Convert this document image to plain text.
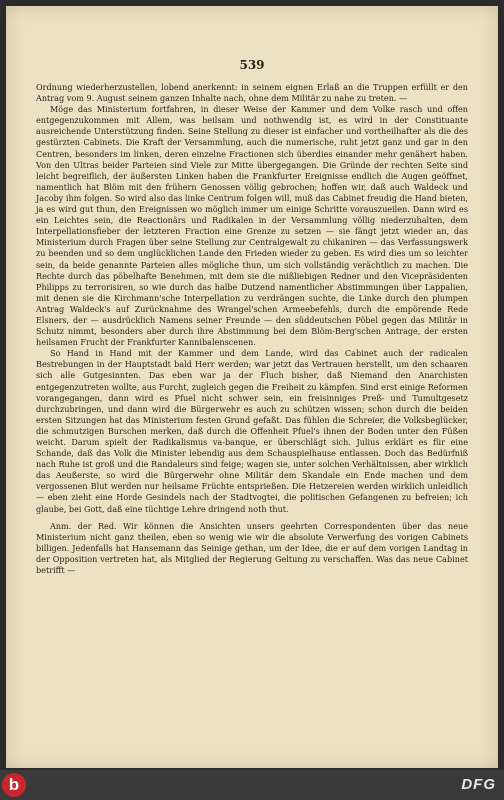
539

Ordnung wiederherzustellen, lobend anerkennt: in seinem eignen Erlaß an die Truppen erfüllt er den Antrag vom 9. August seinem ganzen Inhalte nach, ohne dem Militär zu nahe zu treten. —

Möge das Ministerium fortfahren, in dieser Weise der Kammer und dem Volke rasch und offen entgegenzukommen mit Allem, was heilsam und nothwendig ist, es wird in der Constituante ausreichende Unterstützung finden. Seine Stellung zu dieser ist einfacher und vortheilhafter als die des gestürzten Cabinets. Die Kraft der Versammlung, auch die numerische, ruht jetzt ganz und gar in den Centren, besonders im linken, deren einzelne Fractionen sich überdies einander mehr genähert haben. Von den Ultras beider Parteien sind Viele zur Mitte übergegangen. Die Gründe der rechten Seite sind leicht begreiflich, der äußersten Linken haben die Frankfurter Ereignisse endlich die Augen geöffnet, namentlich hat Blöm mit den frühern Genossen völlig gebrochen; hoffen wir, daß auch Waldeck und Jacoby ihm folgen. So wird also das linke Centrum folgen will, muß das Cabinet freudig die Hand bieten, ja es wird gut thun, den Ereignissen wo möglich immer um einige Schritte vorauszueilen. Dann wird es ein Leichtes sein, die Reactionärs und Radikalen in der Versammlung völlig niederzuhalten, dem Interpellationsfieber der letzteren Fraction eine Grenze zu setzen — sie fängt jetzt wieder an, das Ministerium durch Fragen über seine Stellung zur Centralgewalt zu chikaniren — das Verfassungswerk zu beenden und so dem unglücklichen Lande den Frieden wieder zu geben. Es wird dies um so leichter sein, da beide genannte Parteien alles mögliche thun, um sich vollständig verächtlich zu machen. Die Rechte durch das pöbelhafte Benehmen, mit dem sie die mißliebigen Redner und den Vicepräsidenten Philipps zu terrorisiren, so wie durch das halbe Dutzend namentlicher Abstimmungen über Lappalien, mit denen sie die Kirchmann'sche Interpellation zu verdrängen suchte, die Linke durch den plumpen Antrag Waldeck's auf Zurücknahme des Wrangel'schen Armeebefehls, durch die empörende Rede Elsners, der — ausdrücklich Namens seiner Freunde — den süddeutschen Pöbel gegen das Militär in Schutz nimmt, besonders aber durch ihre Abstimmung bei dem Blöm-Berg'schen Antrage, der ersten heilsamen Frucht der Frankfurter Kannibalenscenen.

So Hand in Hand mit der Kammer und dem Lande, wird das Cabinet auch der radicalen Bestrebungen in der Hauptstadt bald Herr werden; war jetzt das Vertrauen herstellt, um den schaaren sich alle Gutgesinnten. Das eben war ja der Fluch bisher, daß Niemand den Anarchisten entgegenzutreten wollte, aus Furcht, zugleich gegen die Freiheit zu kämpfen. Sind erst einige Reformen vorangegangen, dann wird es Pfuel nicht schwer sein, ein freisinniges Preß- und Tumultgesetz durchzubringen, und dann wird die Bürgerwehr es auch zu schützen wissen; schon durch die beiden ersten Sitzungen hat das Ministerium festen Grund gefaßt. Das fühlen die Schreier, die Volksbeglücker, die schmutzigen Burschen merken, daß durch die Offenheit Pfuel's ihnen der Boden unter den Füßen weicht. Darum spielt der Radikalismus va-banque, er überschlägt sich. Julius erklärt es für eine Schande, daß das Volk die Minister lebendig aus dem Schauspielhause entlassen. Doch das Bedürfniß nach Ruhe ist groß und die Randaleurs sind feige; wagen sie, unter solchen Verhältnissen, aber wirklich das Aeußerste, so wird die Bürgerwehr ohne Militär dem Skandale ein Ende machen und dem vergossenen Blut werden nur heilsame Früchte entsprießen. Die Hetzereien werden wirklich unleidlich — eben zieht eine Horde Gesindels nach der Stadtvogtei, die politischen Gefangenen zu befreien; ich glaube, bei Gott, daß eine tüchtige Lehre dringend noth thut.

Anm. der Red. Wir können die Ansichten unsers geehrten Correspondenten über das neue Ministerium nicht ganz theilen, eben so wenig wie wir die absolute Verwerfung des vorigen Cabinets billigen. Jedenfalls hat Hansemann das Seinige gethan, um der Idee, die er auf dem vorigen Landtag in der Opposition vertreten hat, als Mitglied der Regierung Geltung zu verschaffen. Was das neue Cabinet betrifft —

b	DFG
